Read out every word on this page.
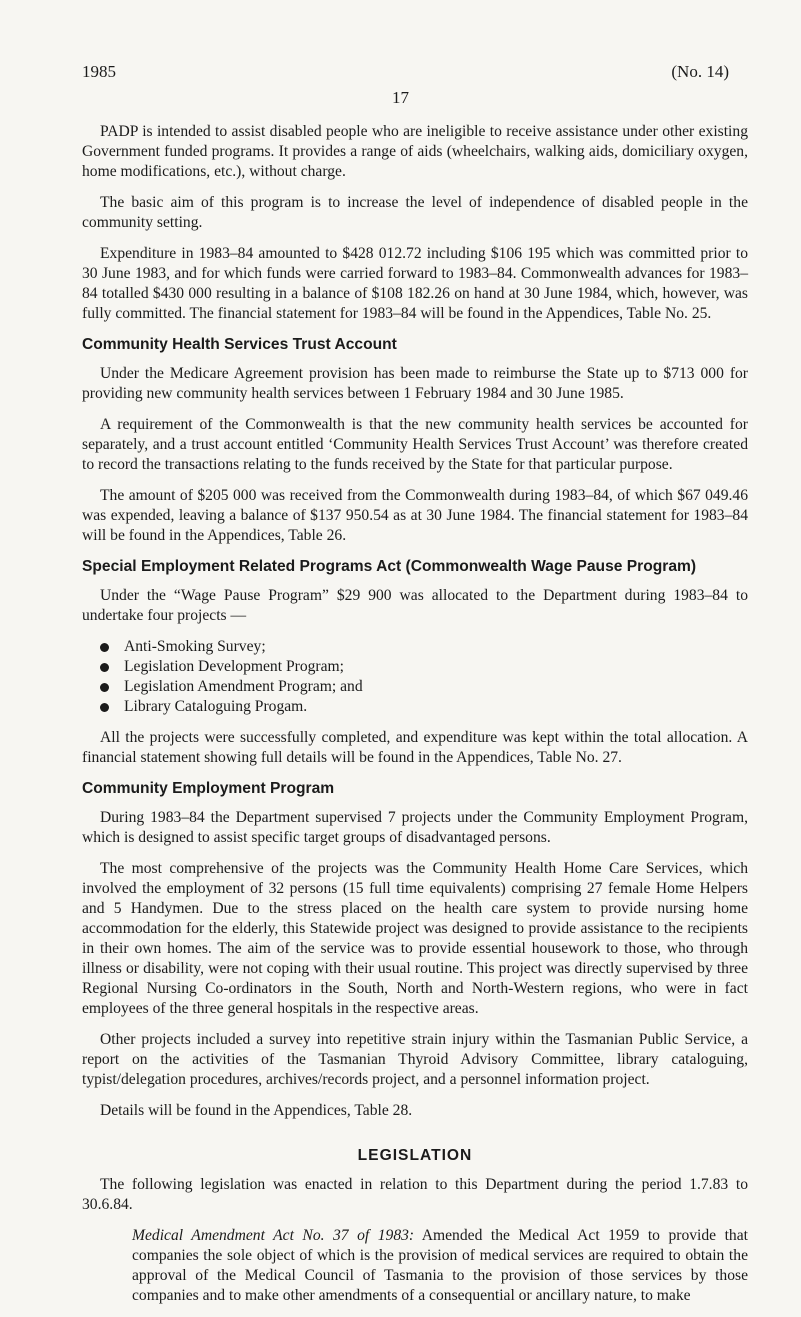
1985	(No. 14)
17

PADP is intended to assist disabled people who are ineligible to receive assistance under other existing Government funded programs. It provides a range of aids (wheelchairs, walking aids, domiciliary oxygen, home modifications, etc.), without charge.

The basic aim of this program is to increase the level of independence of disabled people in the community setting.

Expenditure in 1983–84 amounted to $428 012.72 including $106 195 which was committed prior to 30 June 1983, and for which funds were carried forward to 1983–84. Commonwealth advances for 1983–84 totalled $430 000 resulting in a balance of $108 182.26 on hand at 30 June 1984, which, however, was fully committed. The financial statement for 1983–84 will be found in the Appendices, Table No. 25.

Community Health Services Trust Account

Under the Medicare Agreement provision has been made to reimburse the State up to $713 000 for providing new community health services between 1 February 1984 and 30 June 1985.

A requirement of the Commonwealth is that the new community health services be accounted for separately, and a trust account entitled ‘Community Health Services Trust Account’ was therefore created to record the transactions relating to the funds received by the State for that particular purpose.

The amount of $205 000 was received from the Commonwealth during 1983–84, of which $67 049.46 was expended, leaving a balance of $137 950.54 as at 30 June 1984. The financial statement for 1983–84 will be found in the Appendices, Table 26.

Special Employment Related Programs Act (Commonwealth Wage Pause Program)

Under the “Wage Pause Program” $29 900 was allocated to the Department during 1983–84 to undertake four projects —

Anti-Smoking Survey;
Legislation Development Program;
Legislation Amendment Program; and
Library Cataloguing Progam.

All the projects were successfully completed, and expenditure was kept within the total allocation. A financial statement showing full details will be found in the Appendices, Table No. 27.

Community Employment Program

During 1983–84 the Department supervised 7 projects under the Community Employment Program, which is designed to assist specific target groups of disadvantaged persons.

The most comprehensive of the projects was the Community Health Home Care Services, which involved the employment of 32 persons (15 full time equivalents) comprising 27 female Home Helpers and 5 Handymen. Due to the stress placed on the health care system to provide nursing home accommodation for the elderly, this Statewide project was designed to provide assistance to the recipients in their own homes. The aim of the service was to provide essential housework to those, who through illness or disability, were not coping with their usual routine. This project was directly supervised by three Regional Nursing Co-ordinators in the South, North and North-Western regions, who were in fact employees of the three general hospitals in the respective areas.

Other projects included a survey into repetitive strain injury within the Tasmanian Public Service, a report on the activities of the Tasmanian Thyroid Advisory Committee, library cataloguing, typist/delegation procedures, archives/records project, and a personnel information project.

Details will be found in the Appendices, Table 28.

LEGISLATION

The following legislation was enacted in relation to this Department during the period 1.7.83 to 30.6.84.

Medical Amendment Act No. 37 of 1983: Amended the Medical Act 1959 to provide that companies the sole object of which is the provision of medical services are required to obtain the approval of the Medical Council of Tasmania to the provision of those services by those companies and to make other amendments of a consequential or ancillary nature, to make
